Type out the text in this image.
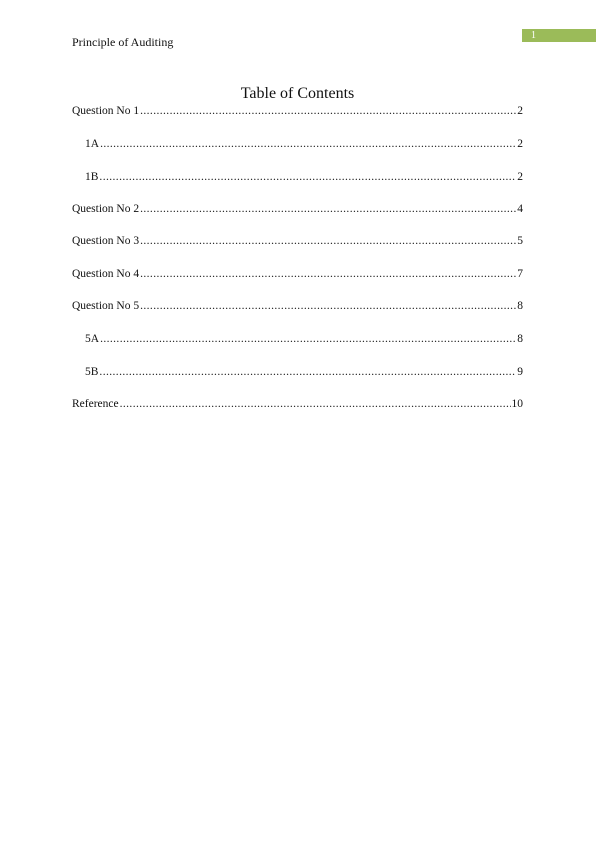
Principle of Auditing	1
Table of Contents
Question No 1 .....	2
1A .....	2
1B .....	2
Question No 2 .....	4
Question No 3 .....	5
Question No 4 .....	7
Question No 5 .....	8
5A .....	8
5B .....	9
Reference .....	10
